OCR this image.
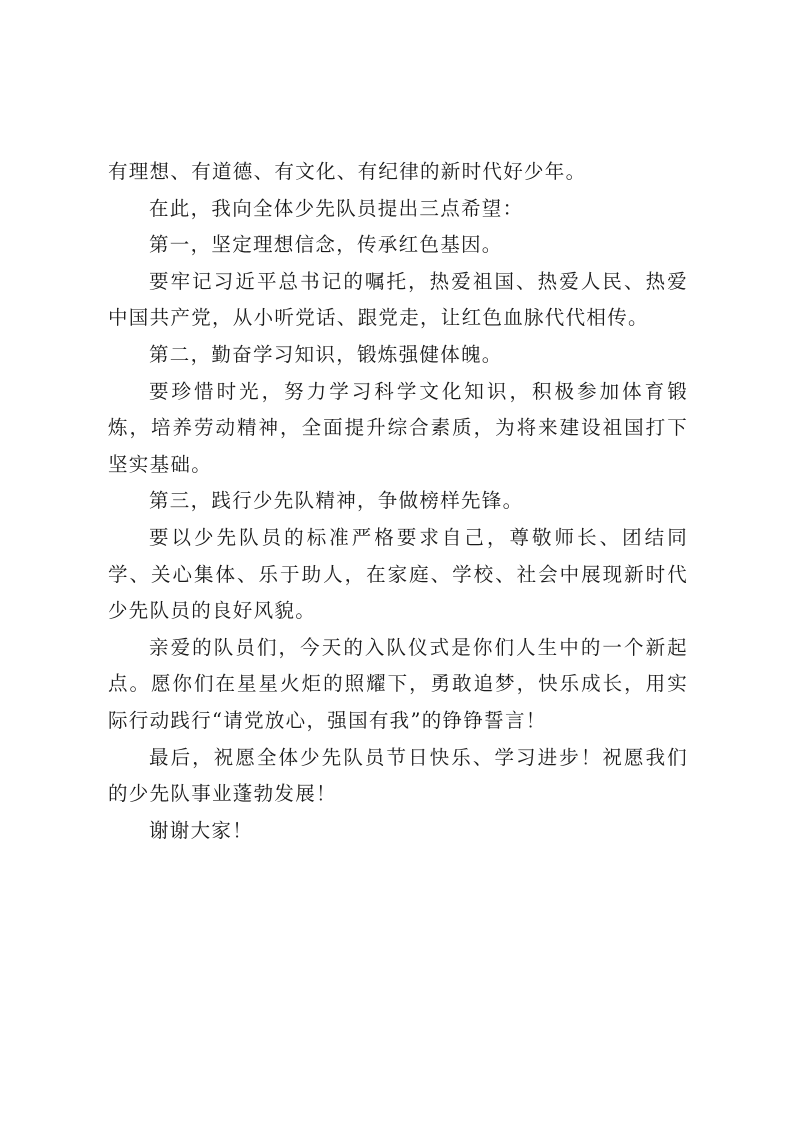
有理想、有道德、有文化、有纪律的新时代好少年。

在此，我向全体少先队员提出三点希望：

第一，坚定理想信念，传承红色基因。

要牢记习近平总书记的嘱托，热爱祖国、热爱人民、热爱中国共产党，从小听党话、跟党走，让红色血脉代代相传。

第二，勤奋学习知识，锻炼强健体魄。

要珍惜时光，努力学习科学文化知识，积极参加体育锻炼，培养劳动精神，全面提升综合素质，为将来建设祖国打下坚实基础。

第三，践行少先队精神，争做榜样先锋。

要以少先队员的标准严格要求自己，尊敬师长、团结同学、关心集体、乐于助人，在家庭、学校、社会中展现新时代少先队员的良好风貌。

亲爱的队员们，今天的入队仪式是你们人生中的一个新起点。愿你们在星星火炬的照耀下，勇敢追梦，快乐成长，用实际行动践行“请党放心，强国有我”的铮铮誓言！

最后，祝愿全体少先队员节日快乐、学习进步！祝愿我们的少先队事业蓬勃发展！

谢谢大家！
